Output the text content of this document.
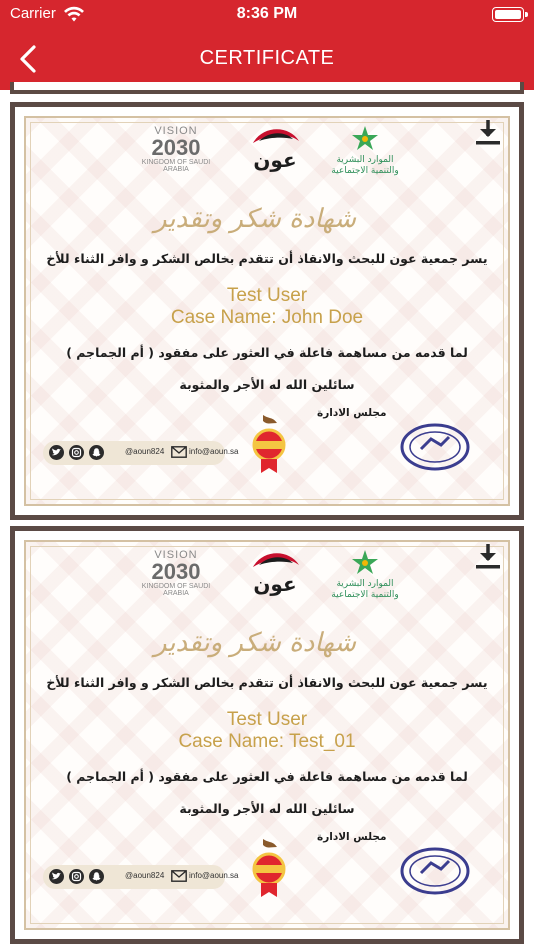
Carrier	8:36 PM
CERTIFICATE
VISION
2030
KINGDOM OF SAUDI ARABIA	عون	الموارد البشرية
والتنمية الاجتماعية
شهادة شكر وتقدير
يسر جمعية عون للبحث والانقاذ أن تتقدم بخالص الشكر و وافر الثناء للأخ
Test User
Case Name: John Doe
لما قدمه من مساهمة فاعلة في العثور على مفقود ( أم الجماجم )
سائلين الله له الأجر والمثوبة
مجلس الادارة
@aoun824	info@aoun.sa
VISION
2030
KINGDOM OF SAUDI ARABIA	عون	الموارد البشرية
والتنمية الاجتماعية
شهادة شكر وتقدير
يسر جمعية عون للبحث والانقاذ أن تتقدم بخالص الشكر و وافر الثناء للأخ
Test User
Case Name: Test_01
لما قدمه من مساهمة فاعلة في العثور على مفقود ( أم الجماجم )
سائلين الله له الأجر والمثوبة
مجلس الادارة
@aoun824	info@aoun.sa
